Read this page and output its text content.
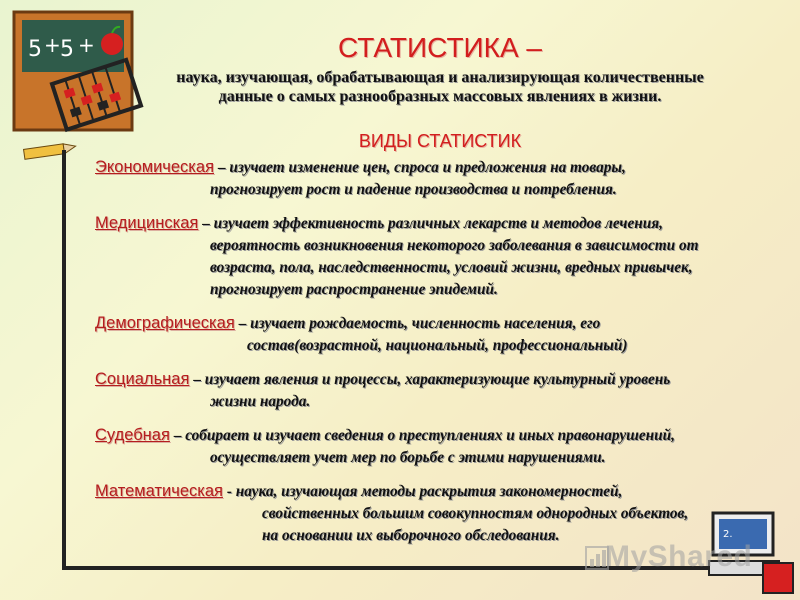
5 + 5 +
2.
MyShared
СТАТИСТИКА –
наука, изучающая, обрабатывающая и анализирующая количественные
данные о самых разнообразных массовых явлениях в жизни.
ВИДЫ СТАТИСТИК
Экономическая – изучает изменение цен, спроса и предложения на товары,
прогнозирует рост и падение производства и потребления.
Медицинская – изучает эффективность различных лекарств и методов лечения,
вероятность возникновения некоторого заболевания в зависимости от
возраста, пола, наследственности, условий жизни, вредных привычек,
прогнозирует распространение эпидемий.
Демографическая – изучает рождаемость, численность населения, его
состав(возрастной, национальный, профессиональный)
Социальная – изучает явления и процессы, характеризующие культурный уровень
жизни народа.
Судебная – собирает и изучает сведения о преступлениях и иных правонарушений,
осуществляет учет мер по борьбе с этими нарушениями.
Математическая - наука, изучающая методы раскрытия закономерностей,
свойственных большим совокупностям однородных объектов,
на основании их выборочного обследования.
